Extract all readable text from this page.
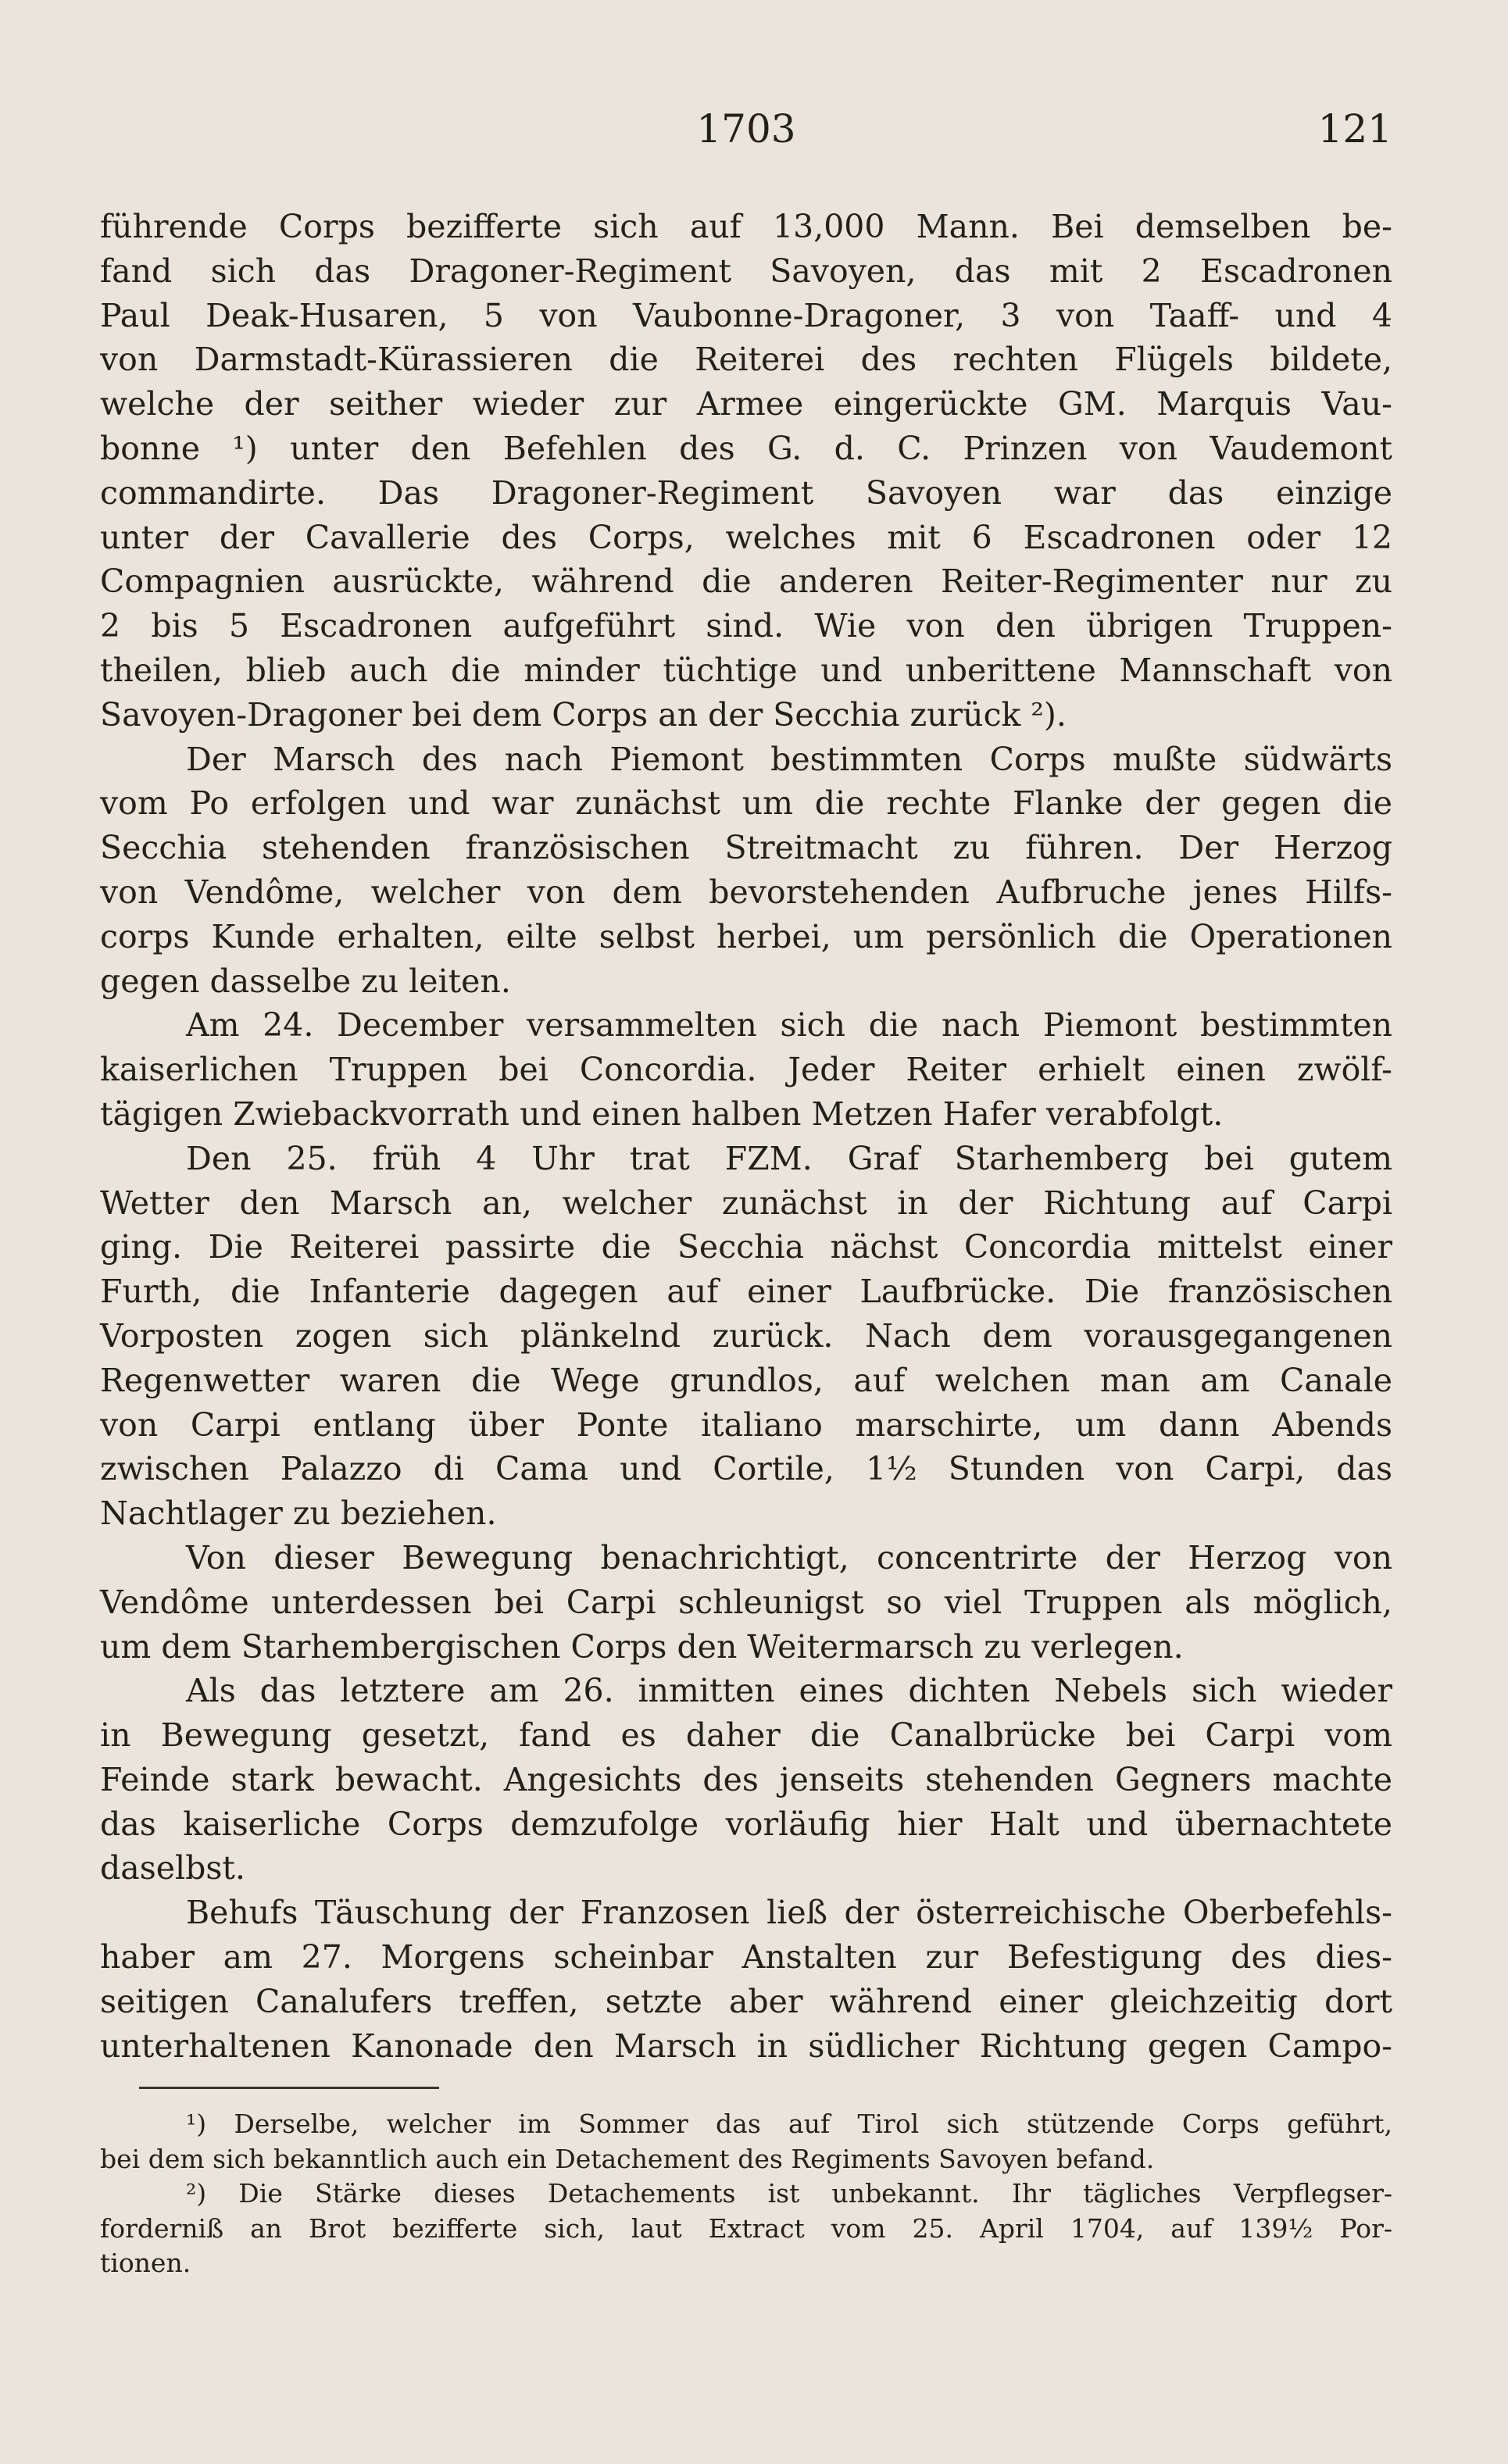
1703	121
führende Corps bezifferte sich auf 13,000 Mann. Bei demselben be-
fand sich das Dragoner-Regiment Savoyen, das mit 2 Escadronen
Paul Deak-Husaren, 5 von Vaubonne-Dragoner, 3 von Taaff- und 4
von Darmstadt-Kürassieren die Reiterei des rechten Flügels bildete,
welche der seither wieder zur Armee eingerückte GM. Marquis Vau-
bonne ¹) unter den Befehlen des G. d. C. Prinzen von Vaudemont
commandirte. Das Dragoner-Regiment Savoyen war das einzige
unter der Cavallerie des Corps, welches mit 6 Escadronen oder 12
Compagnien ausrückte, während die anderen Reiter-Regimenter nur zu
2 bis 5 Escadronen aufgeführt sind. Wie von den übrigen Truppen-
theilen, blieb auch die minder tüchtige und unberittene Mannschaft von
Savoyen-Dragoner bei dem Corps an der Secchia zurück ²).
Der Marsch des nach Piemont bestimmten Corps mußte südwärts
vom Po erfolgen und war zunächst um die rechte Flanke der gegen die
Secchia stehenden französischen Streitmacht zu führen. Der Herzog
von Vendôme, welcher von dem bevorstehenden Aufbruche jenes Hilfs-
corps Kunde erhalten, eilte selbst herbei, um persönlich die Operationen
gegen dasselbe zu leiten.
Am 24. December versammelten sich die nach Piemont bestimmten
kaiserlichen Truppen bei Concordia. Jeder Reiter erhielt einen zwölf-
tägigen Zwiebackvorrath und einen halben Metzen Hafer verabfolgt.
Den 25. früh 4 Uhr trat FZM. Graf Starhemberg bei gutem
Wetter den Marsch an, welcher zunächst in der Richtung auf Carpi
ging. Die Reiterei passirte die Secchia nächst Concordia mittelst einer
Furth, die Infanterie dagegen auf einer Laufbrücke. Die französischen
Vorposten zogen sich plänkelnd zurück. Nach dem vorausgegangenen
Regenwetter waren die Wege grundlos, auf welchen man am Canale
von Carpi entlang über Ponte italiano marschirte, um dann Abends
zwischen Palazzo di Cama und Cortile, 1½ Stunden von Carpi, das
Nachtlager zu beziehen.
Von dieser Bewegung benachrichtigt, concentrirte der Herzog von
Vendôme unterdessen bei Carpi schleunigst so viel Truppen als möglich,
um dem Starhembergischen Corps den Weitermarsch zu verlegen.
Als das letztere am 26. inmitten eines dichten Nebels sich wieder
in Bewegung gesetzt, fand es daher die Canalbrücke bei Carpi vom
Feinde stark bewacht. Angesichts des jenseits stehenden Gegners machte
das kaiserliche Corps demzufolge vorläufig hier Halt und übernachtete
daselbst.
Behufs Täuschung der Franzosen ließ der österreichische Oberbefehls-
haber am 27. Morgens scheinbar Anstalten zur Befestigung des dies-
seitigen Canalufers treffen, setzte aber während einer gleichzeitig dort
unterhaltenen Kanonade den Marsch in südlicher Richtung gegen Campo-
¹) Derselbe, welcher im Sommer das auf Tirol sich stützende Corps geführt,
bei dem sich bekanntlich auch ein Detachement des Regiments Savoyen befand.
²) Die Stärke dieses Detachements ist unbekannt. Ihr tägliches Verpflegser-
forderniß an Brot bezifferte sich, laut Extract vom 25. April 1704, auf 139½ Por-
tionen.
